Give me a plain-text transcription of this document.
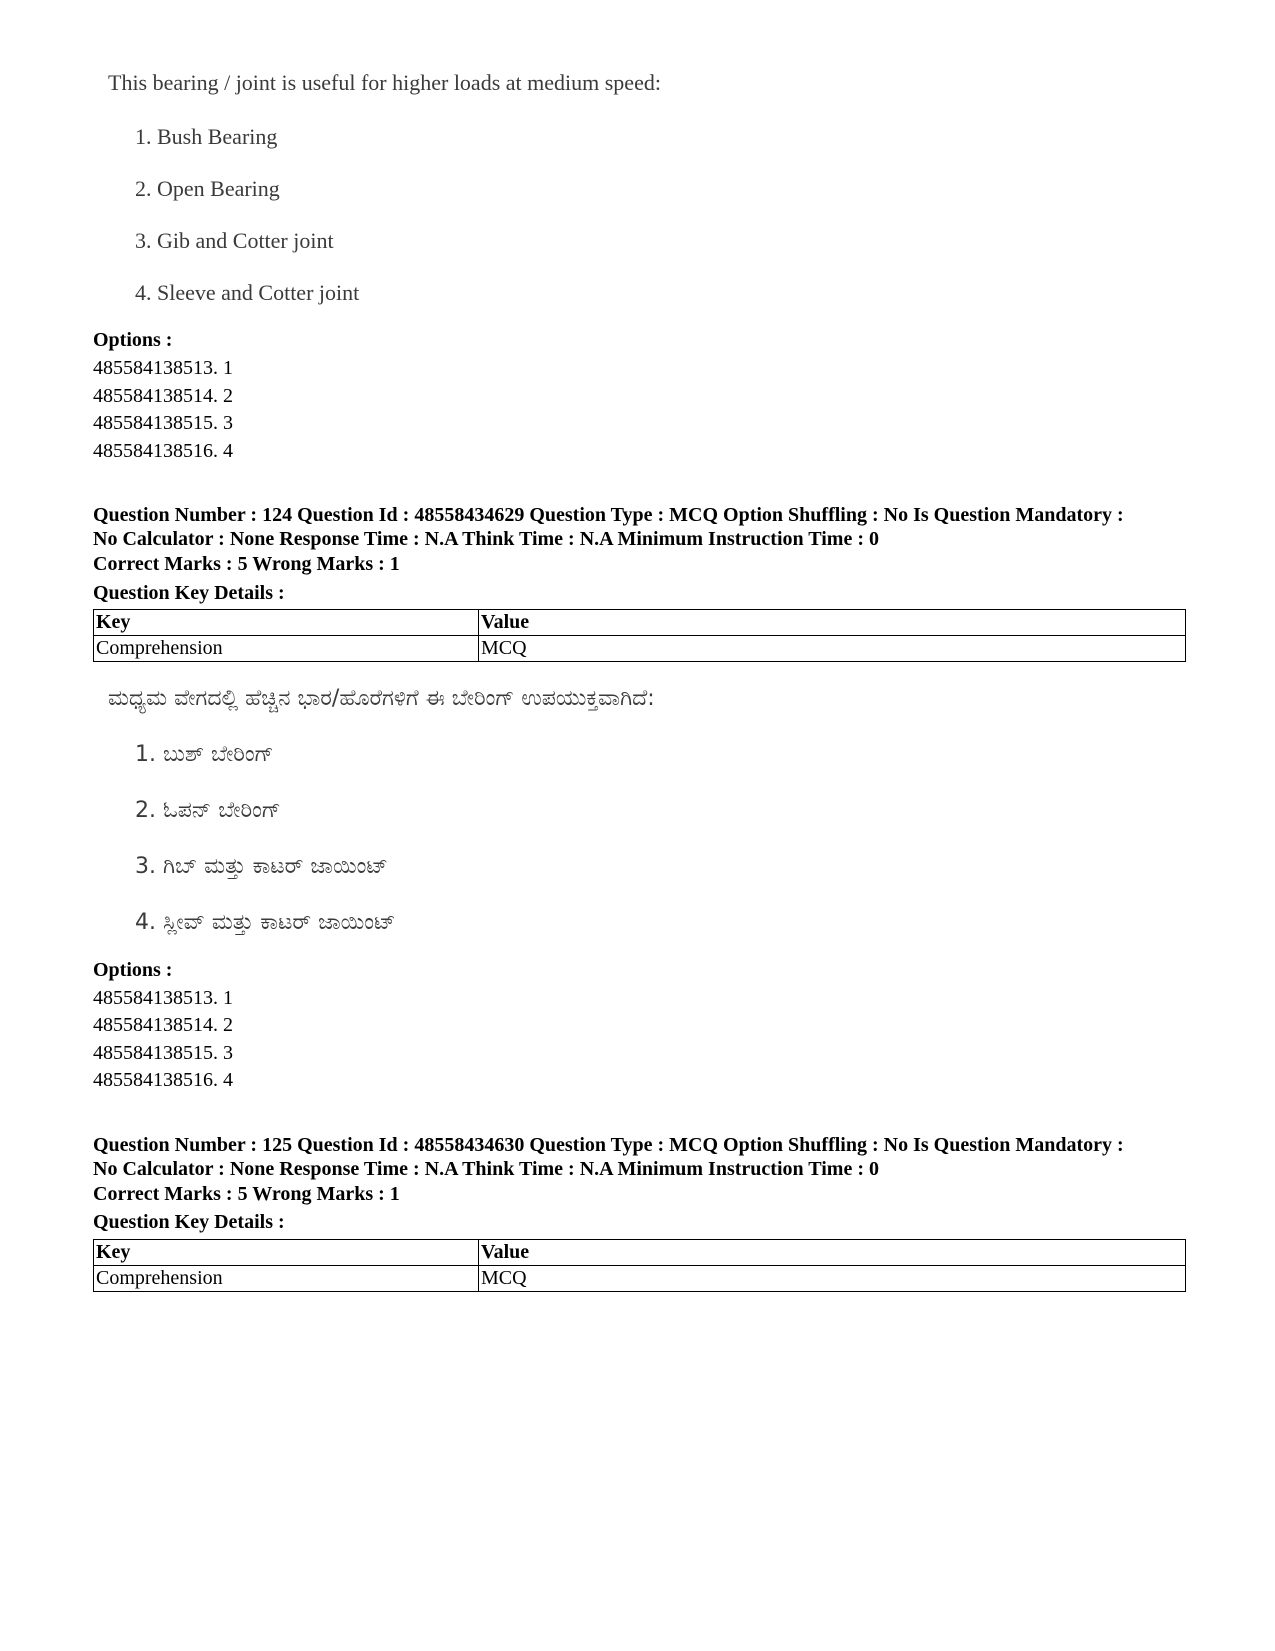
This bearing / joint is useful for higher loads at medium speed:

1. Bush Bearing
2. Open Bearing
3. Gib and Cotter joint
4. Sleeve and Cotter joint
Options :
485584138513. 1
485584138514. 2
485584138515. 3
485584138516. 4
Question Number : 124 Question Id : 48558434629 Question Type : MCQ Option Shuffling : No Is Question Mandatory :
No Calculator : None Response Time : N.A Think Time : N.A Minimum Instruction Time : 0
Correct Marks : 5 Wrong Marks : 1
Question Key Details :
Key	Value
Comprehension	MCQ

ಮಧ್ಯಮ ವೇಗದಲ್ಲಿ ಹೆಚ್ಚಿನ ಭಾರ/ಹೊರೆಗಳಿಗೆ ಈ ಬೇರಿಂಗ್ ಉಪಯುಕ್ತವಾಗಿದೆ:

1. ಬುಶ್ ಬೇರಿಂಗ್
2. ಓಪನ್ ಬೇರಿಂಗ್
3. ಗಿಬ್ ಮತ್ತು ಕಾಟರ್ ಜಾಯಿಂಟ್
4. ಸ್ಲೀವ್ ಮತ್ತು ಕಾಟರ್ ಜಾಯಿಂಟ್
Options :
485584138513. 1
485584138514. 2
485584138515. 3
485584138516. 4
Question Number : 125 Question Id : 48558434630 Question Type : MCQ Option Shuffling : No Is Question Mandatory :
No Calculator : None Response Time : N.A Think Time : N.A Minimum Instruction Time : 0
Correct Marks : 5 Wrong Marks : 1
Question Key Details :
Key	Value
Comprehension	MCQ
